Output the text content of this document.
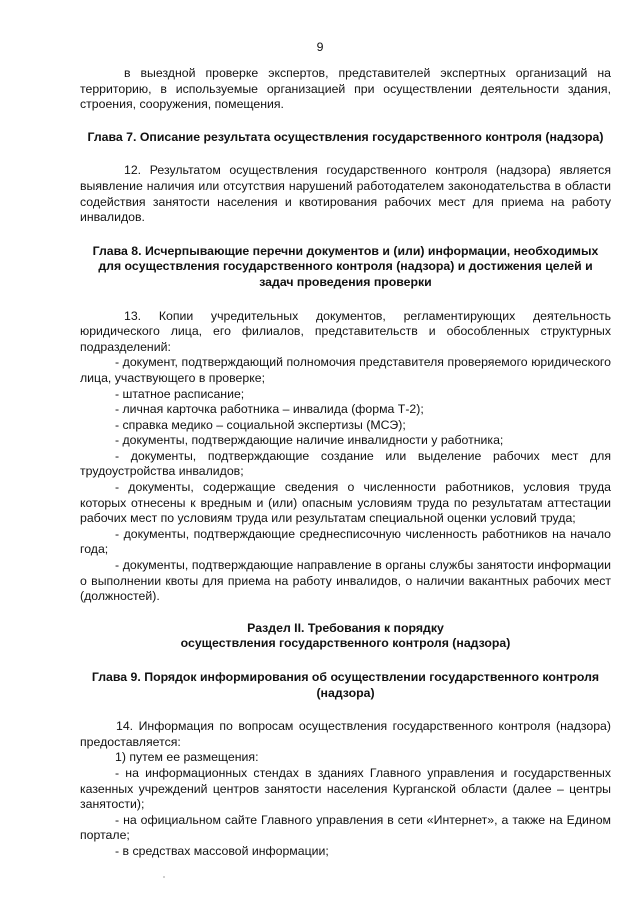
9

в выездной проверке экспертов, представителей экспертных организаций на территорию, в используемые организацией при осуществлении деятельности здания, строения, сооружения, помещения.

Глава 7. Описание результата осуществления государственного контроля (надзора)

12. Результатом осуществления государственного контроля (надзора) является выявление наличия или отсутствия нарушений работодателем законодательства в области содействия занятости населения и квотирования рабочих мест для приема на работу инвалидов.

Глава 8. Исчерпывающие перечни документов и (или) информации, необходимых для осуществления государственного контроля (надзора) и достижения целей и задач проведения проверки

13. Копии учредительных документов, регламентирующих деятельность юридического лица, его филиалов, представительств и обособленных структурных подразделений:

- документ, подтверждающий полномочия представителя проверяемого юридического лица, участвующего в проверке;

- штатное расписание;

- личная карточка работника – инвалида (форма Т-2);

- справка медико – социальной экспертизы (МСЭ);

- документы, подтверждающие наличие инвалидности у работника;

- документы, подтверждающие создание или выделение рабочих мест для трудоустройства инвалидов;

- документы, содержащие сведения о численности работников, условия труда которых отнесены к вредным и (или) опасным условиям труда по результатам аттестации рабочих мест по условиям труда или результатам специальной оценки условий труда;

- документы, подтверждающие среднесписочную численность работников на начало года;

- документы, подтверждающие направление в органы службы занятости информации о выполнении квоты для приема на работу инвалидов, о наличии вакантных рабочих мест (должностей).

Раздел II. Требования к порядку
осуществления государственного контроля (надзора)

Глава 9. Порядок информирования об осуществлении государственного контроля (надзора)

14. Информация по вопросам осуществления государственного контроля (надзора) предоставляется:

1) путем ее размещения:

- на информационных стендах в зданиях Главного управления и государственных казенных учреждений центров занятости населения Курганской области (далее – центры занятости);

- на официальном сайте Главного управления в сети «Интернет», а также на Едином портале;

- в средствах массовой информации;
